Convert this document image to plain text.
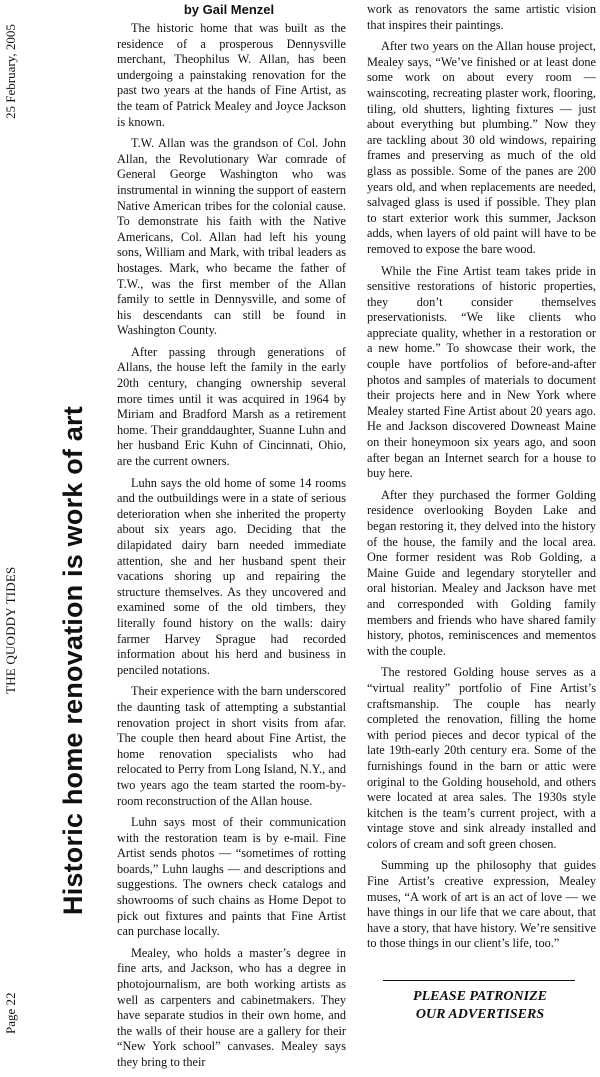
Page 22
THE QUODDY TIDES
25 February, 2005
Historic home renovation is work of art
by Gail Menzel

The historic home that was built as the residence of a prosperous Dennysville merchant, Theophilus W. Allan, has been undergoing a painstaking renovation for the past two years at the hands of Fine Artist, as the team of Patrick Mealey and Joyce Jackson is known.

T.W. Allan was the grandson of Col. John Allan, the Revolutionary War comrade of General George Washington who was instrumental in winning the support of eastern Native American tribes for the colonial cause. To demonstrate his faith with the Native Americans, Col. Allan had left his young sons, William and Mark, with tribal leaders as hostages. Mark, who became the father of T.W., was the first member of the Allan family to settle in Dennysville, and some of his descendants can still be found in Washington County.

After passing through generations of Allans, the house left the family in the early 20th century, changing ownership several more times until it was acquired in 1964 by Miriam and Bradford Marsh as a retirement home. Their granddaughter, Suanne Luhn and her husband Eric Kuhn of Cincinnati, Ohio, are the current owners.

Luhn says the old home of some 14 rooms and the outbuildings were in a state of serious deterioration when she inherited the property about six years ago. Deciding that the dilapidated dairy barn needed immediate attention, she and her husband spent their vacations shoring up and repairing the structure themselves. As they uncovered and examined some of the old timbers, they literally found history on the walls: dairy farmer Harvey Sprague had recorded information about his herd and business in penciled notations.

Their experience with the barn underscored the daunting task of attempting a substantial renovation project in short visits from afar. The couple then heard about Fine Artist, the home renovation specialists who had relocated to Perry from Long Island, N.Y., and two years ago the team started the room-by-room reconstruction of the Allan house.

Luhn says most of their communication with the restoration team is by e-mail. Fine Artist sends photos — “sometimes of rotting boards,” Luhn laughs — and descriptions and suggestions. The owners check catalogs and showrooms of such chains as Home Depot to pick out fixtures and paints that Fine Artist can purchase locally.

Mealey, who holds a master’s degree in fine arts, and Jackson, who has a degree in photojournalism, are both working artists as well as carpenters and cabinetmakers. They have separate studios in their own home, and the walls of their house are a gallery for their “New York school” canvases. Mealey says they bring to their

work as renovators the same artistic vision that inspires their paintings.

After two years on the Allan house project, Mealey says, “We’ve finished or at least done some work on about every room — wainscoting, recreating plaster work, flooring, tiling, old shutters, lighting fixtures — just about everything but plumbing.” Now they are tackling about 30 old windows, repairing frames and preserving as much of the old glass as possible. Some of the panes are 200 years old, and when replacements are needed, salvaged glass is used if possible. They plan to start exterior work this summer, Jackson adds, when layers of old paint will have to be removed to expose the bare wood.

While the Fine Artist team takes pride in sensitive restorations of historic properties, they don’t consider themselves preservationists. “We like clients who appreciate quality, whether in a restoration or a new home.” To showcase their work, the couple have portfolios of before-and-after photos and samples of materials to document their projects here and in New York where Mealey started Fine Artist about 20 years ago. He and Jackson discovered Downeast Maine on their honeymoon six years ago, and soon after began an Internet search for a house to buy here.

After they purchased the former Golding residence overlooking Boyden Lake and began restoring it, they delved into the history of the house, the family and the local area. One former resident was Rob Golding, a Maine Guide and legendary storyteller and oral historian. Mealey and Jackson have met and corresponded with Golding family members and friends who have shared family history, photos, reminiscences and mementos with the couple.

The restored Golding house serves as a “virtual reality” portfolio of Fine Artist’s craftsmanship. The couple has nearly completed the renovation, filling the home with period pieces and decor typical of the late 19th-early 20th century era. Some of the furnishings found in the barn or attic were original to the Golding household, and others were located at area sales. The 1930s style kitchen is the team’s current project, with a vintage stove and sink already installed and colors of cream and soft green chosen.

Summing up the philosophy that guides Fine Artist’s creative expression, Mealey muses, “A work of art is an act of love — we have things in our life that we care about, that have a story, that have history. We’re sensitive to those things in our client’s life, too.”

PLEASE PATRONIZE
OUR ADVERTISERS
